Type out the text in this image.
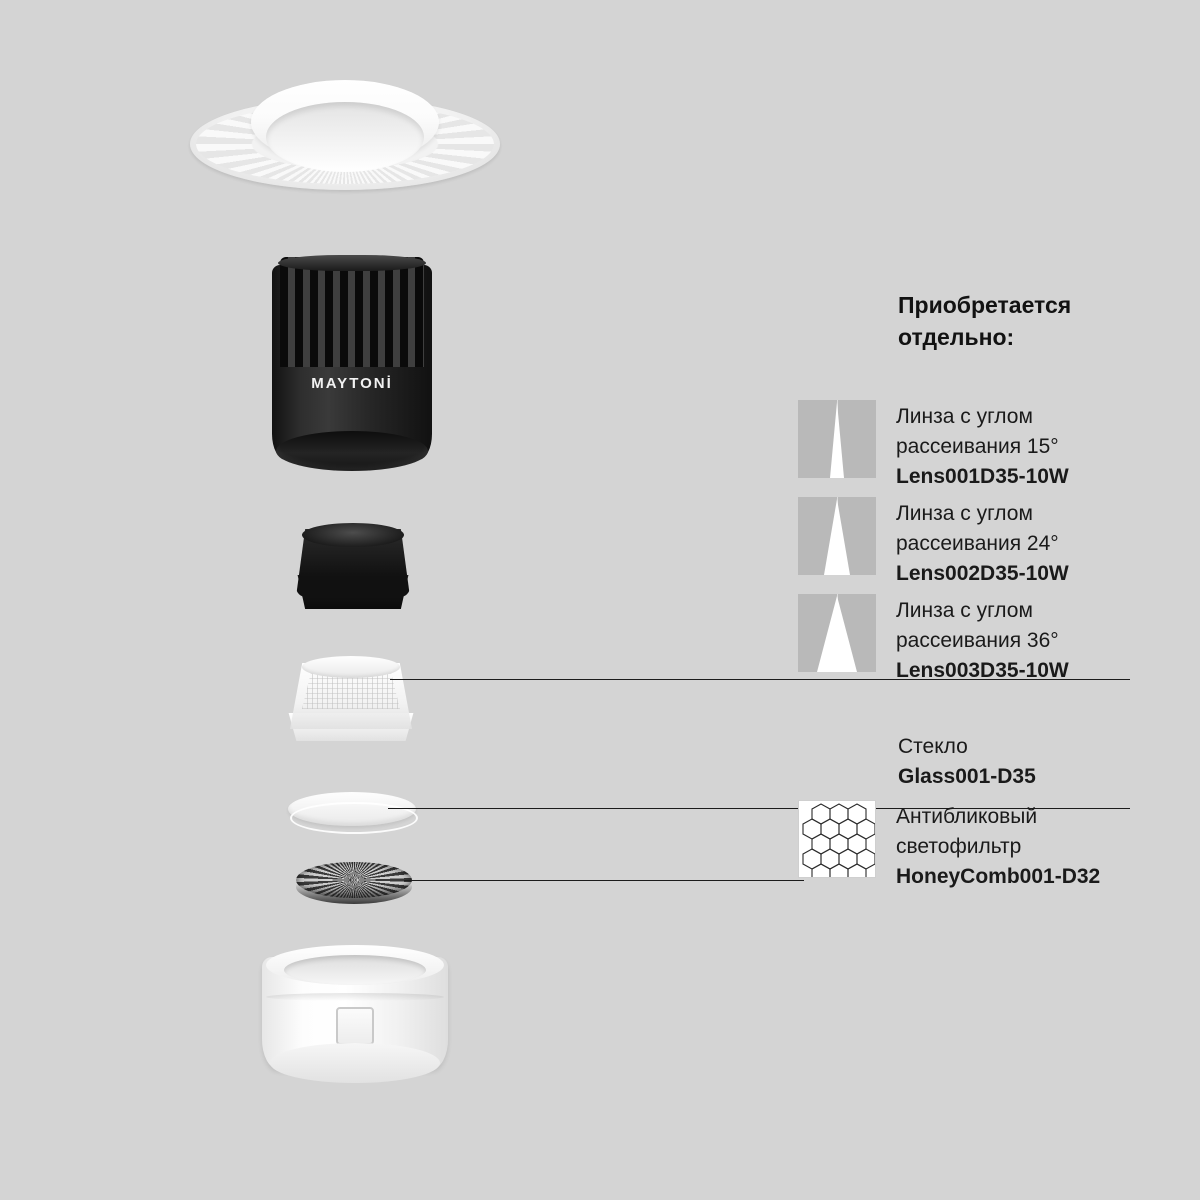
MAYTONİ
Приобретается
отдельно:
Линза с углом
рассеивания 15°
Lens001D35-10W
Линза с углом
рассеивания 24°
Lens002D35-10W
Линза с углом
рассеивания 36°
Lens003D35-10W
Стекло
Glass001-D35
Антибликовый
светофильтр
HoneyComb001-D32
